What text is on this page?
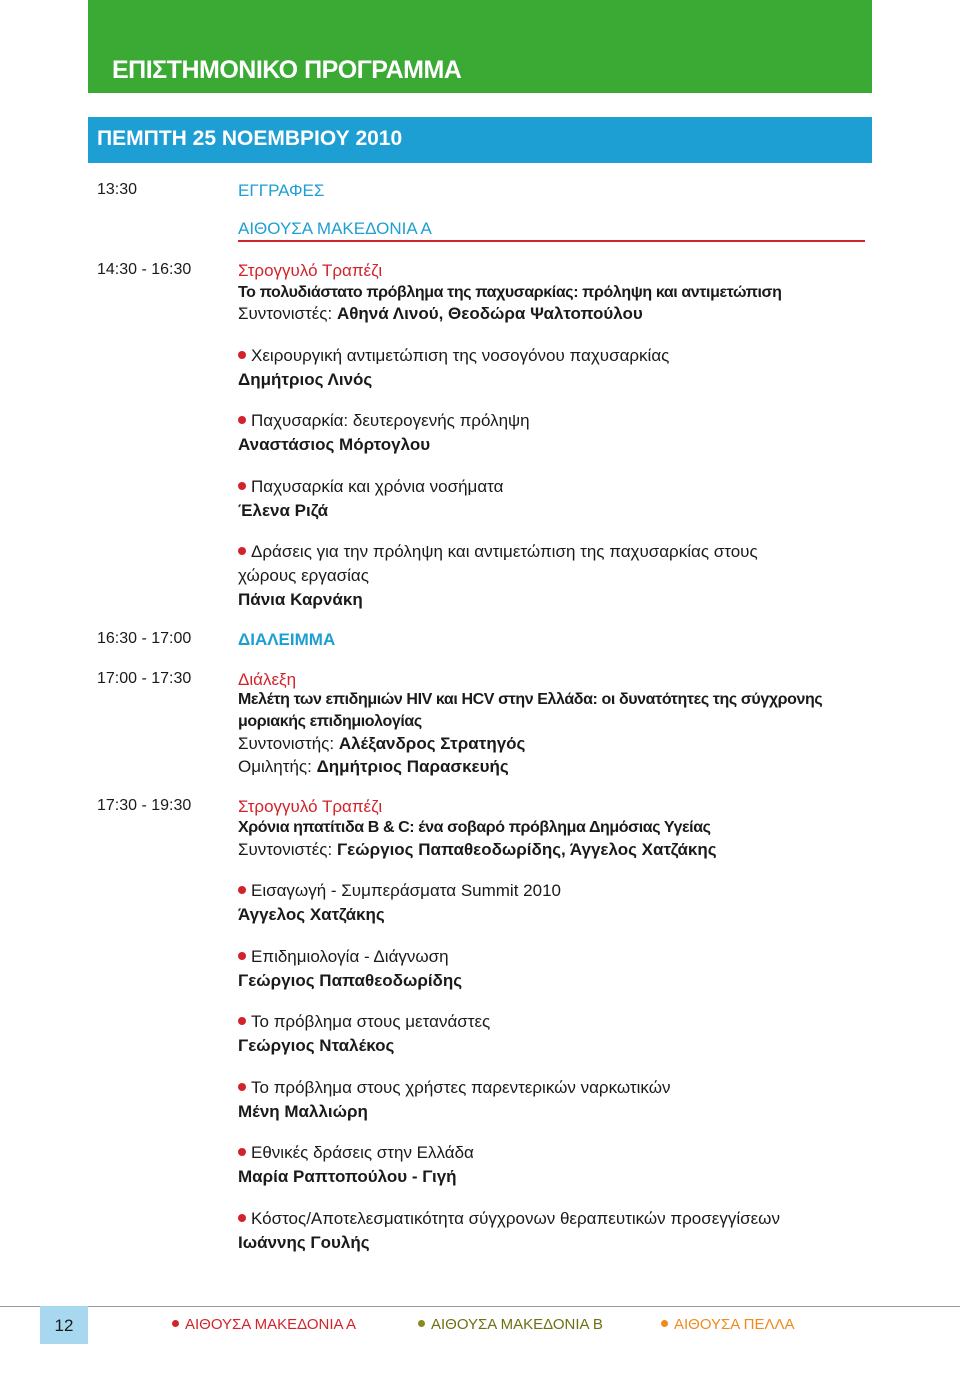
ΕΠΙΣΤΗΜΟΝΙΚΟ ΠΡΟΓΡΑΜΜΑ
ΠΕΜΠΤΗ 25 ΝΟΕΜΒΡΙΟΥ 2010
13:30	ΕΓΓΡΑΦΕΣ
ΑΙΘΟΥΣΑ ΜΑΚΕΔΟΝΙΑ Α
14:30 - 16:30	Στρογγυλό Τραπέζι
Το πολυδιάστατο πρόβλημα της παχυσαρκίας: πρόληψη και αντιμετώπιση
Συντονιστές: Αθηνά Λινού, Θεοδώρα Ψαλτοπούλου
Χειρουργική αντιμετώπιση της νοσογόνου παχυσαρκίας
Δημήτριος Λινός
Παχυσαρκία: δευτερογενής πρόληψη
Αναστάσιος Μόρτογλου
Παχυσαρκία και χρόνια νοσήματα
Έλενα Ριζά
Δράσεις για την πρόληψη και αντιμετώπιση της παχυσαρκίας στους
χώρους εργασίας
Πάνια Καρνάκη
16:30 - 17:00	ΔΙΑΛΕΙΜΜΑ
17:00 - 17:30	Διάλεξη
Μελέτη των επιδημιών HIV και HCV στην Ελλάδα: οι δυνατότητες της σύγχρονης
μοριακής επιδημιολογίας
Συντονιστής: Αλέξανδρος Στρατηγός
Ομιλητής: Δημήτριος Παρασκευής
17:30 - 19:30	Στρογγυλό Τραπέζι
Χρόνια ηπατίτιδα Β & C: ένα σοβαρό πρόβλημα Δημόσιας Υγείας
Συντονιστές: Γεώργιος Παπαθεοδωρίδης, Άγγελος Χατζάκης
Εισαγωγή - Συμπεράσματα Summit 2010
Άγγελος Χατζάκης
Επιδημιολογία - Διάγνωση
Γεώργιος Παπαθεοδωρίδης
Το πρόβλημα στους μετανάστες
Γεώργιος Νταλέκος
Το πρόβλημα στους χρήστες παρεντερικών ναρκωτικών
Μένη Μαλλιώρη
Εθνικές δράσεις στην Ελλάδα
Μαρία Ραπτοπούλου - Γιγή
Κόστος/Αποτελεσματικότητα σύγχρονων θεραπευτικών προσεγγίσεων
Ιωάννης Γουλής
12	ΑΙΘΟΥΣΑ ΜΑΚΕΔΟΝΙΑ Α	ΑΙΘΟΥΣΑ ΜΑΚΕΔΟΝΙΑ Β	ΑΙΘΟΥΣΑ ΠΕΛΛΑ
